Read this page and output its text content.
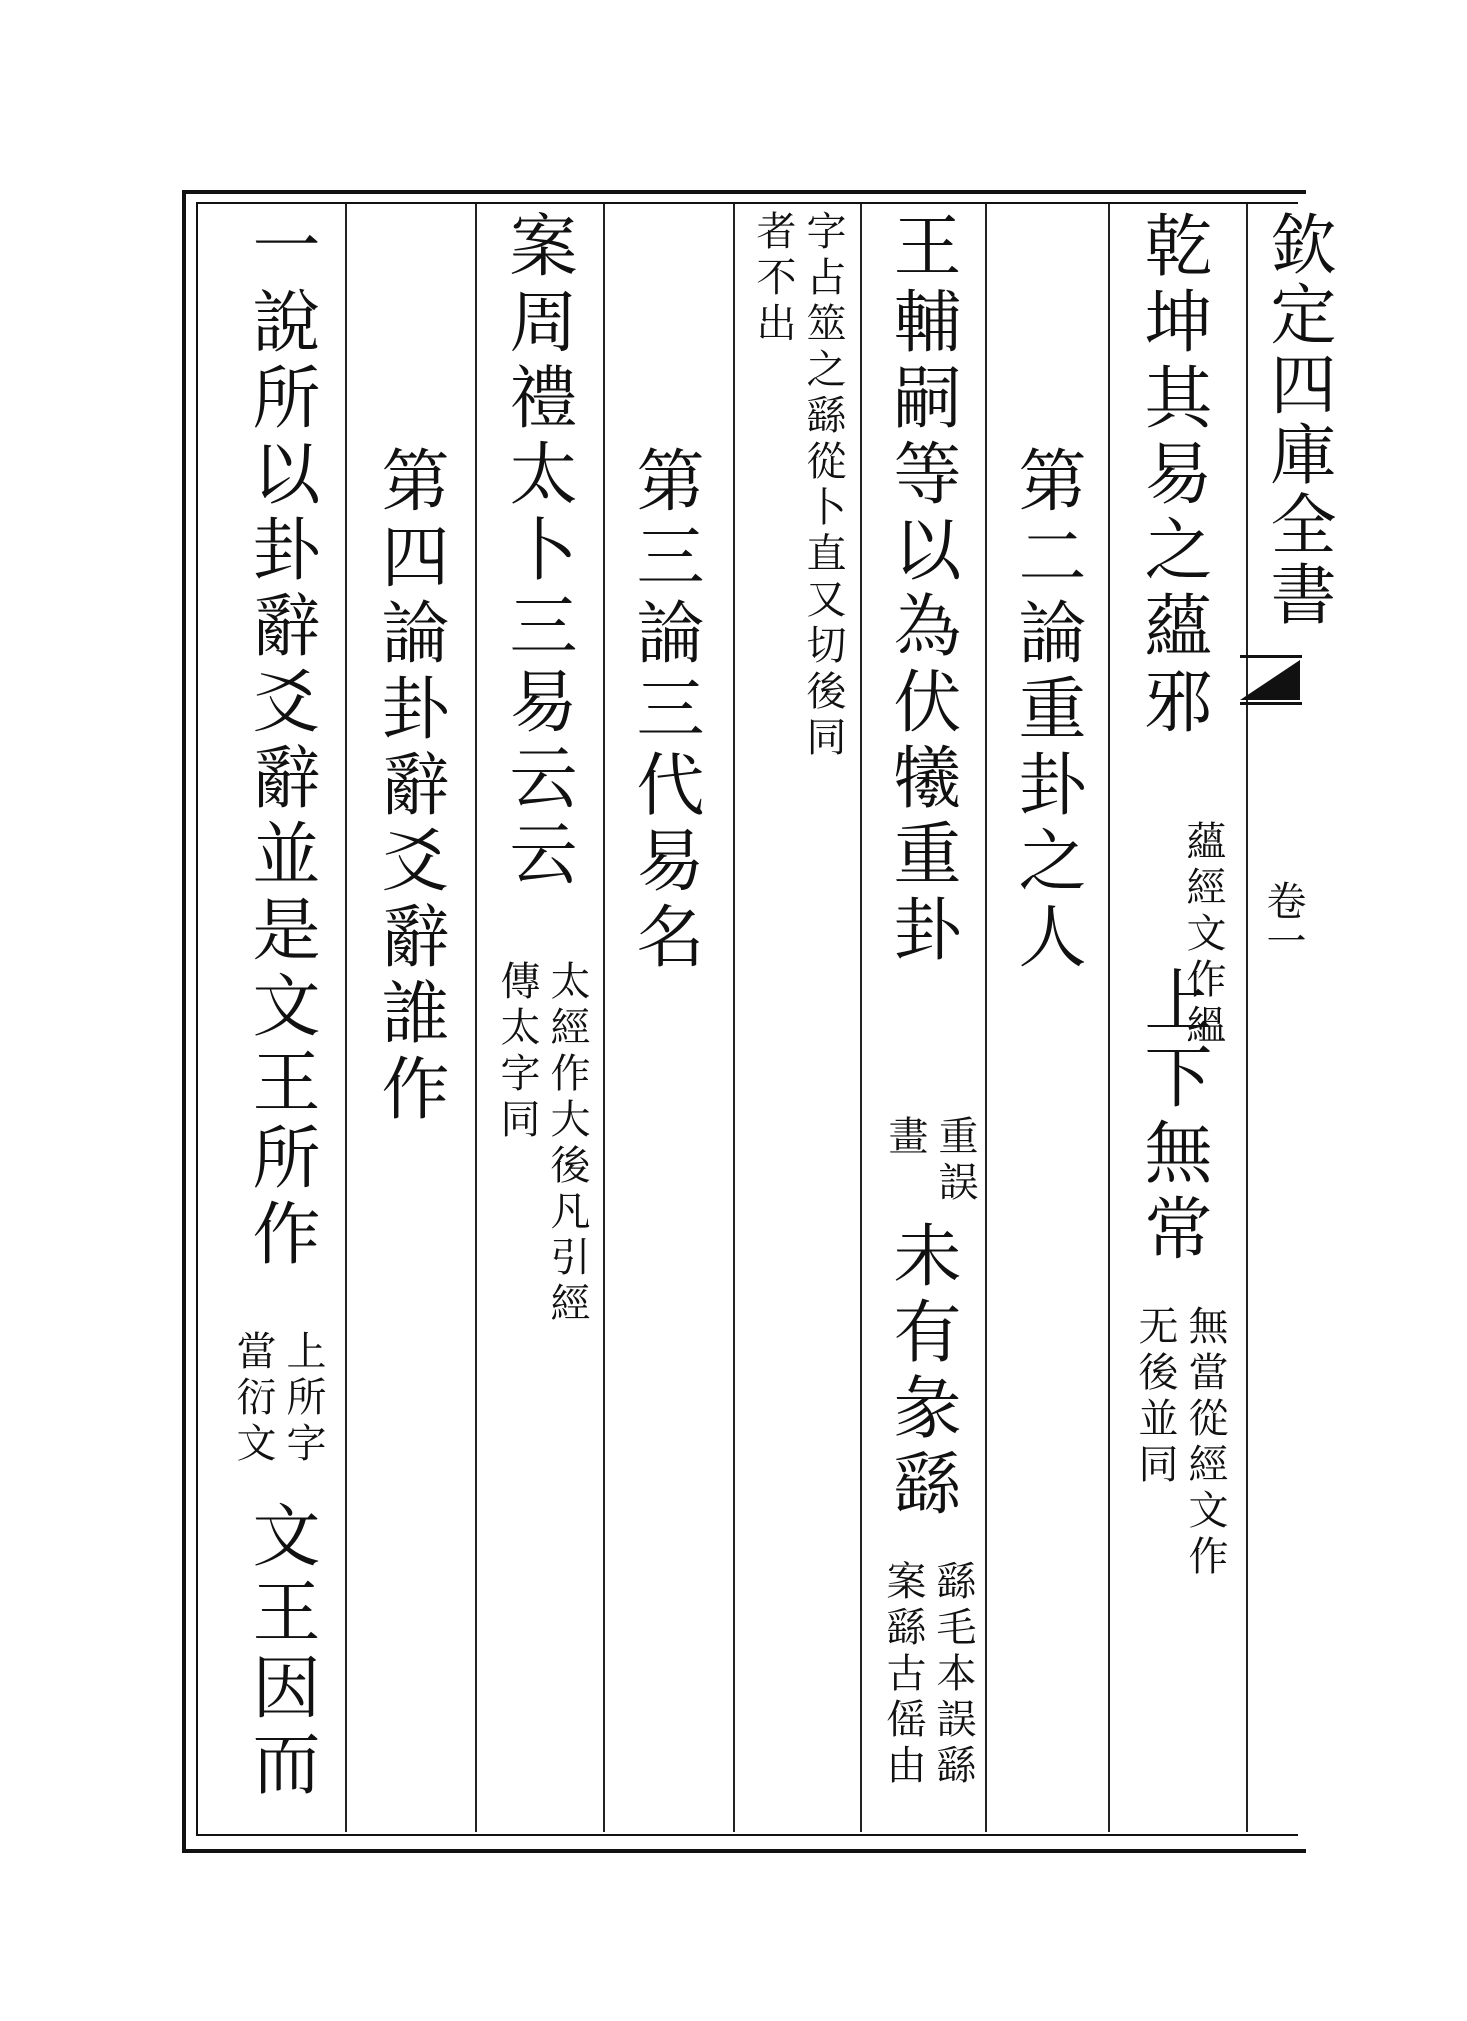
欽定四庫全書
卷一
乾坤其易之蘊邪
蘊經文作縕
上下無常
無當從經文作无後並同
第二論重卦之人
王輔嗣等以為伏犧重卦
重誤畫
未有彖繇
繇毛本誤繇案繇古傜由
字占筮之繇從卜直又切後同者不出
第三論三代易名
案周禮太卜三易云云
太經作大後凡引經傳太字同
第四論卦辭爻辭誰作
一說所以卦辭爻辭並是文王所作
上所字當衍文
文王因而
